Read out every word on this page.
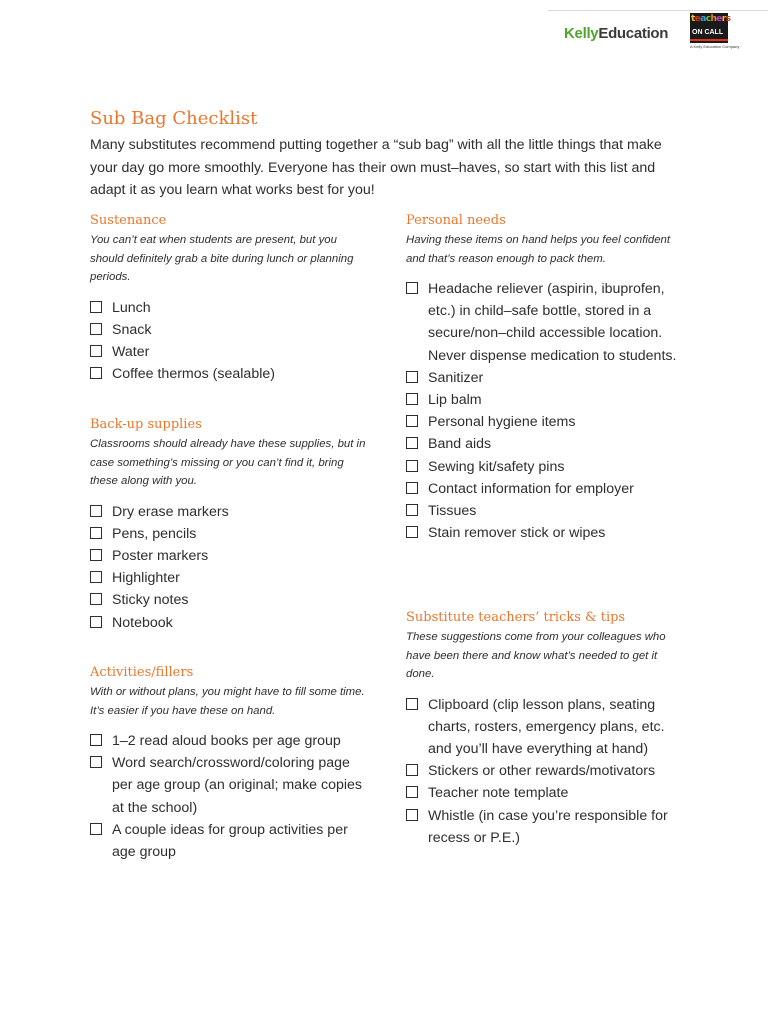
KellyEducation
teachers
ON CALL
A Kelly Education Company
Sub Bag Checklist

Many substitutes recommend putting together a “sub bag” with all the little things that make your day go more smoothly. Everyone has their own must–haves, so start with this list and adapt it as you learn what works best for you!

Sustenance

You can’t eat when students are present, but you should definitely grab a bite during lunch or planning periods.

Lunch
Snack
Water
Coffee thermos (sealable)
Back-up supplies

Classrooms should already have these supplies, but in case something’s missing or you can’t find it, bring these along with you.

Dry erase markers
Pens, pencils
Poster markers
Highlighter
Sticky notes
Notebook
Activities/fillers

With or without plans, you might have to fill some time. It’s easier if you have these on hand.

1–2 read aloud books per age group
Word search/crossword/coloring page per age group (an original; make copies at the school)
A couple ideas for group activities per age group
Personal needs

Having these items on hand helps you feel confident and that’s reason enough to pack them.

Headache reliever (aspirin, ibuprofen, etc.) in child–safe bottle, stored in a secure/non–child accessible location. Never dispense medication to students.
Sanitizer
Lip balm
Personal hygiene items
Band aids
Sewing kit/safety pins
Contact information for employer
Tissues
Stain remover stick or wipes
Substitute teachers’ tricks & tips

These suggestions come from your colleagues who have been there and know what’s needed to get it done.

Clipboard (clip lesson plans, seating charts, rosters, emergency plans, etc. and you’ll have everything at hand)
Stickers or other rewards/motivators
Teacher note template
Whistle (in case you’re responsible for recess or P.E.)
